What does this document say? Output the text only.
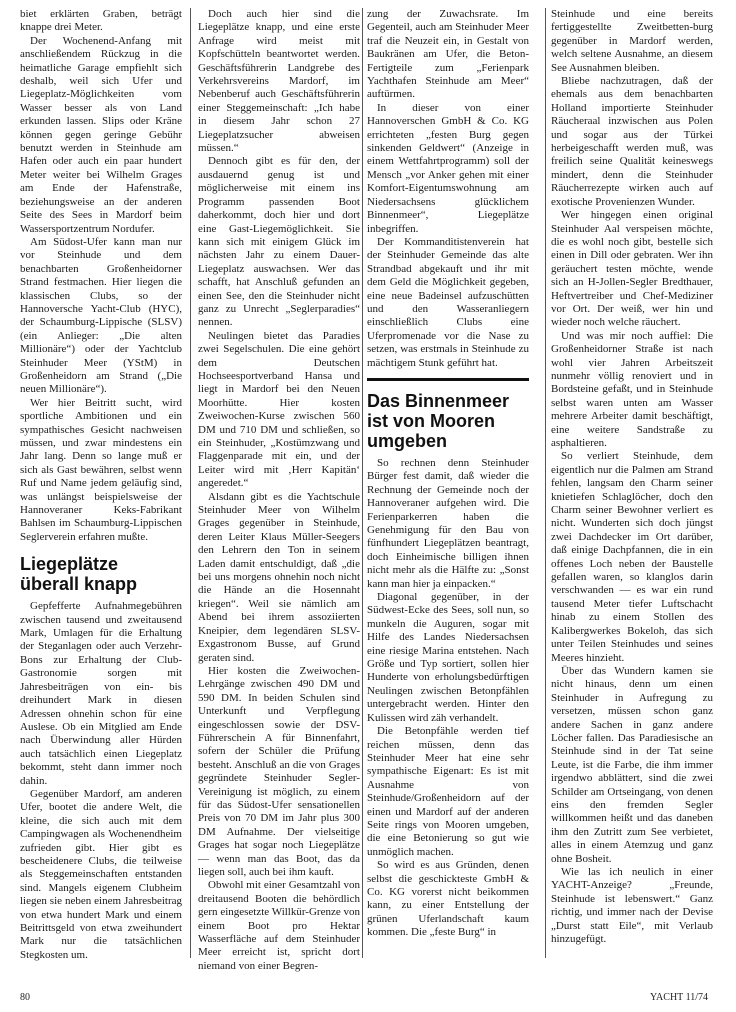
biet erklärten Graben, beträgt knappe drei Meter.

Der Wochenend-Anfang mit anschließendem Rückzug in die heimatliche Garage empfiehlt sich deshalb, weil sich Ufer und Liegeplatz-Möglichkeiten vom Wasser besser als von Land erkunden lassen. Slips oder Kräne können gegen geringe Gebühr benutzt werden in Steinhude am Hafen oder auch ein paar hundert Meter weiter bei Wilhelm Grages am Ende der Hafenstraße, beziehungsweise an der anderen Seite des Sees in Mardorf beim Wassersportzentrum Nordufer.

Am Südost-Ufer kann man nur vor Steinhude und dem benachbarten Großenheidorner Strand festmachen. Hier liegen die klassischen Clubs, so der Hannoversche Yacht-Club (HYC), der Schaumburg-Lippische (SLSV) (ein Anlieger: „Die alten Millionäre“) oder der Yachtclub Steinhuder Meer (YStM) in Großenheidorn am Strand („Die neuen Millionäre“).

Wer hier Beitritt sucht, wird sportliche Ambitionen und ein sympathisches Gesicht nachweisen müssen, und zwar mindestens ein Jahr lang. Denn so lange muß er sich als Gast bewähren, selbst wenn Ruf und Name jedem geläufig sind, was unlängst beispielsweise der Hannoveraner Keks-Fabrikant Bahlsen im Schaumburg-Lippischen Seglerverein erfahren mußte.

Liegeplätze überall knapp

Gepfefferte Aufnahmegebühren zwischen tausend und zweitausend Mark, Umlagen für die Erhaltung der Steganlagen oder auch Verzehr-Bons zur Erhaltung der Club-Gastronomie sorgen mit Jahresbeiträgen von ein- bis dreihundert Mark in diesen Adressen ohnehin schon für eine Auslese. Ob ein Mitglied am Ende nach Überwindung aller Hürden auch tatsächlich einen Liegeplatz bekommt, steht dann immer noch dahin.

Gegenüber Mardorf, am anderen Ufer, bootet die andere Welt, die kleine, die sich auch mit dem Campingwagen als Wochenendheim zufrieden gibt. Hier gibt es bescheidenere Clubs, die teilweise als Steggemeinschaften entstanden sind. Mangels eigenem Clubheim liegen sie neben einem Jahresbeitrag von etwa hundert Mark und einem Beitrittsgeld von etwa zweihundert Mark nur die tatsächlichen Stegkosten um.

Doch auch hier sind die Liegeplätze knapp, und eine erste Anfrage wird meist mit Kopfschütteln beantwortet werden. Geschäftsführerin Landgrebe des Verkehrsvereins Mardorf, im Nebenberuf auch Geschäftsführerin einer Steggemeinschaft: „Ich habe in diesem Jahr schon 27 Liegeplatzsucher abweisen müssen.“

Dennoch gibt es für den, der ausdauernd genug ist und möglicherweise mit einem ins Programm passenden Boot daherkommt, doch hier und dort eine Gast-Liegemöglichkeit. Sie kann sich mit einigem Glück im nächsten Jahr zu einem Dauer-Liegeplatz auswachsen. Wer das schafft, hat Anschluß gefunden an einen See, den die Steinhuder nicht ganz zu Unrecht „Seglerparadies“ nennen.

Neulingen bietet das Paradies zwei Segelschulen. Die eine gehört dem Deutschen Hochseesportverband Hansa und liegt in Mardorf bei den Neuen Moorhütte. Hier kosten Zweiwochen-Kurse zwischen 560 DM und 710 DM und schließen, so ein Steinhuder, „Kostümzwang und Flaggenparade mit ein, und der Leiter wird mit ‚Herr Kapitän‘ angeredet.“

Alsdann gibt es die Yachtschule Steinhuder Meer von Wilhelm Grages gegenüber in Steinhude, deren Leiter Klaus Müller-Seegers den Lehrern den Ton in seinem Laden damit entschuldigt, daß „die bei uns morgens ohnehin noch nicht die Hände an die Hosennaht kriegen“. Weil sie nämlich am Abend bei ihrem assoziierten Kneipier, dem legendären SLSV-Exgastronom Busse, auf Grund geraten sind.

Hier kosten die Zweiwochen-Lehrgänge zwischen 490 DM und 590 DM. In beiden Schulen sind Unterkunft und Verpflegung eingeschlossen sowie der DSV-Führerschein A für Binnenfahrt, sofern der Schüler die Prüfung besteht. Anschluß an die von Grages gegründete Steinhuder Segler-Vereinigung ist möglich, zu einem für das Südost-Ufer sensationellen Preis von 70 DM im Jahr plus 300 DM Aufnahme. Der vielseitige Grages hat sogar noch Liegeplätze — wenn man das Boot, das da liegen soll, auch bei ihm kauft.

Obwohl mit einer Gesamtzahl von dreitausend Booten die behördlich gern eingesetzte Willkür-Grenze von einem Boot pro Hektar Wasserfläche auf dem Steinhuder Meer erreicht ist, spricht dort niemand von einer Begren-

zung der Zuwachsrate. Im Gegenteil, auch am Steinhuder Meer traf die Neuzeit ein, in Gestalt von Baukränen am Ufer, die Beton-Fertigteile zum „Ferienpark Yachthafen Steinhude am Meer“ auftürmen.

In dieser von einer Hannoverschen GmbH & Co. KG errichteten „festen Burg gegen sinkenden Geldwert“ (Anzeige in einem Wettfahrtprogramm) soll der Mensch „vor Anker gehen mit einer Komfort-Eigentumswohnung am Niedersachsens glücklichem Binnenmeer“, Liegeplätze inbegriffen.

Der Kommanditistenverein hat der Steinhuder Gemeinde das alte Strandbad abgekauft und ihr mit dem Geld die Möglichkeit gegeben, eine neue Badeinsel aufzuschütten und den Wasseranliegern einschließlich Clubs eine Uferpromenade vor die Nase zu setzen, was erstmals in Steinhude zu mächtigem Stunk geführt hat.

Das Binnenmeer ist von Mooren umgeben

So rechnen denn Steinhuder Bürger fest damit, daß wieder die Rechnung der Gemeinde noch der Hannoveraner aufgehen wird. Die Ferienparkerren haben die Genehmigung für den Bau von fünfhundert Liegeplätzen beantragt, doch Einheimische billigen ihnen nicht mehr als die Hälfte zu: „Sonst kann man hier ja einpacken.“

Diagonal gegenüber, in der Südwest-Ecke des Sees, soll nun, so munkeln die Auguren, sogar mit Hilfe des Landes Niedersachsen eine riesige Marina entstehen. Nach Größe und Typ sortiert, sollen hier Hunderte von erholungsbedürftigen Neulingen zwischen Betonpfählen untergebracht werden. Hinter den Kulissen wird zäh verhandelt.

Die Betonpfähle werden tief reichen müssen, denn das Steinhuder Meer hat eine sehr sympathische Eigenart: Es ist mit Ausnahme von Steinhude/Großenheidorn auf der einen und Mardorf auf der anderen Seite rings von Mooren umgeben, die eine Betonierung so gut wie unmöglich machen.

So wird es aus Gründen, denen selbst die geschickteste GmbH & Co. KG vorerst nicht beikommen kann, zu einer Entstellung der grünen Uferlandschaft kaum kommen. Die „feste Burg“ in

Steinhude und eine bereits fertiggestellte Zweitbetten-burg gegenüber in Mardorf werden, welch seltene Ausnahme, an diesem See Ausnahmen bleiben.

Bliebe nachzutragen, daß der ehemals aus dem benachbarten Holland importierte Steinhuder Räucheraal inzwischen aus Polen und sogar aus der Türkei herbeigeschafft werden muß, was freilich seine Qualität keineswegs mindert, denn die Steinhuder Räucherrezepte wirken auch auf exotische Provenienzen Wunder.

Wer hingegen einen original Steinhuder Aal verspeisen möchte, die es wohl noch gibt, bestelle sich einen in Dill oder gebraten. Wer ihn geräuchert testen möchte, wende sich an H-Jollen-Segler Bredthauer, Heftvertreiber und Chef-Mediziner vor Ort. Der weiß, wer hin und wieder noch welche räuchert.

Und was mir noch auffiel: Die Großenheidorner Straße ist nach wohl vier Jahren Arbeitszeit nunmehr völlig renoviert und in Bordsteine gefaßt, und in Steinhude selbst waren unten am Wasser mehrere Arbeiter damit beschäftigt, eine weitere Sandstraße zu asphaltieren.

So verliert Steinhude, dem eigentlich nur die Palmen am Strand fehlen, langsam den Charm seiner knietiefen Schlaglöcher, doch den Charm seiner Bewohner verliert es nicht. Wunderten sich doch jüngst zwei Dachdecker im Ort darüber, daß einige Dachpfannen, die in ein offenes Loch neben der Baustelle gefallen waren, so klanglos darin verschwanden — es war ein rund tausend Meter tiefer Luftschacht hinab zu einem Stollen des Kalibergwerkes Bokeloh, das sich unter Teilen Steinhudes und seines Meeres hinzieht.

Über das Wundern kamen sie nicht hinaus, denn um einen Steinhuder in Aufregung zu versetzen, müssen schon ganz andere Sachen in ganz andere Löcher fallen. Das Paradiesische an Steinhude sind in der Tat seine Leute, ist die Farbe, die ihm immer irgendwo abblättert, sind die zwei Schilder am Ortseingang, von denen eins den fremden Segler willkommen heißt und das daneben ihm den Zutritt zum See verbietet, alles in einem Atemzug und ganz ohne Bosheit.

Wie las ich neulich in einer YACHT-Anzeige? „Freunde, Steinhude ist lebenswert.“ Ganz richtig, und immer nach der Devise „Durst statt Eile“, mit Verlaub hinzugefügt.

80	YACHT 11/74
